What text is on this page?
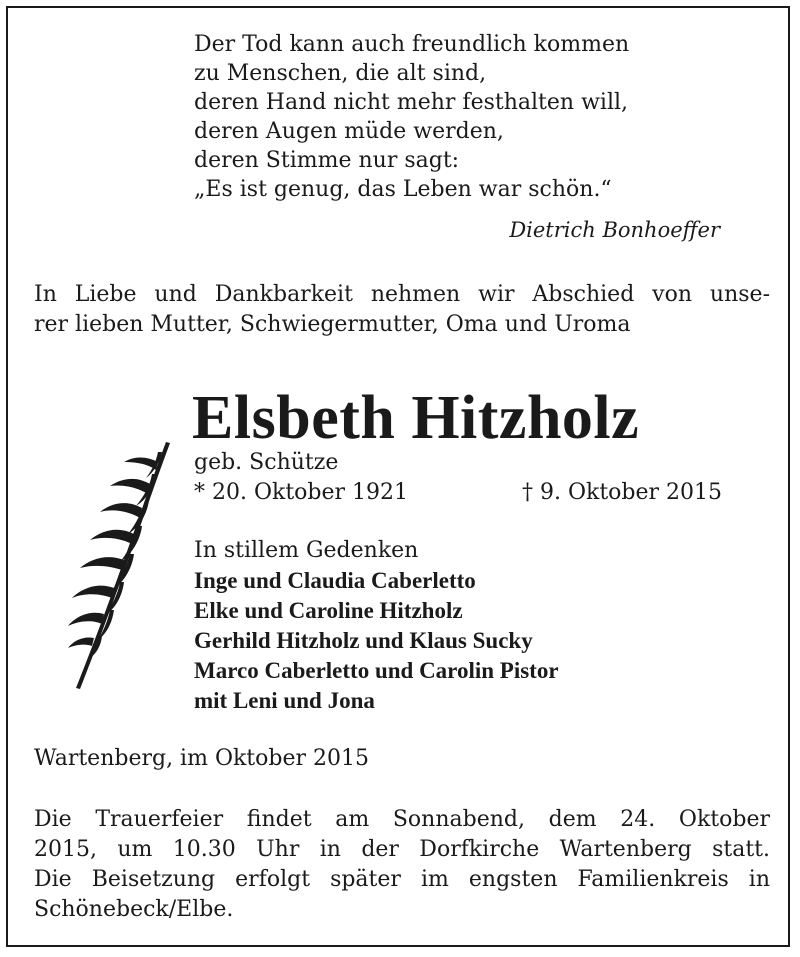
Der Tod kann auch freundlich kommen
zu Menschen, die alt sind,
deren Hand nicht mehr festhalten will,
deren Augen müde werden,
deren Stimme nur sagt:
„Es ist genug, das Leben war schön.“
Dietrich Bonhoeffer
In Liebe und Dankbarkeit nehmen wir Abschied von unse-
rer lieben Mutter, Schwiegermutter, Oma und Uroma
Elsbeth Hitzholz
geb. Schütze
* 20. Oktober 1921	† 9. Oktober 2015
In stillem Gedenken
Inge und Claudia Caberletto
Elke und Caroline Hitzholz
Gerhild Hitzholz und Klaus Sucky
Marco Caberletto und Carolin Pistor
mit Leni und Jona
Wartenberg, im Oktober 2015
Die Trauerfeier findet am Sonnabend, dem 24. Oktober
2015, um 10.30 Uhr in der Dorfkirche Wartenberg statt.
Die Beisetzung erfolgt später im engsten Familienkreis in
Schönebeck/Elbe.
